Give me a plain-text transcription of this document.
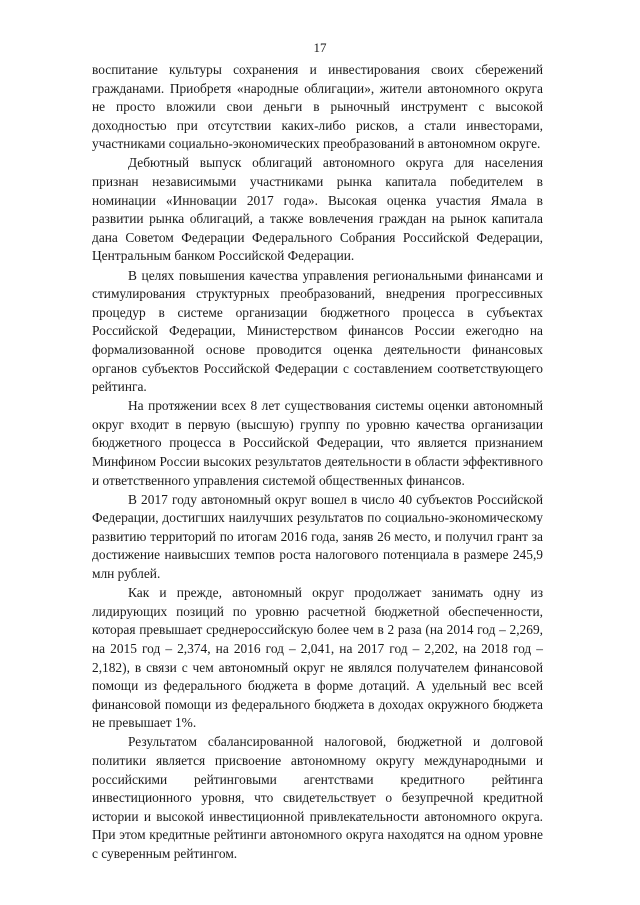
17

воспитание культуры сохранения и инвестирования своих сбережений гражданами. Приобретя «народные облигации», жители автономного округа не просто вложили свои деньги в рыночный инструмент с высокой доходностью при отсутствии каких-либо рисков, а стали инвесторами, участниками социально-экономических преобразований в автономном округе.

Дебютный выпуск облигаций автономного округа для населения признан независимыми участниками рынка капитала победителем в номинации «Инновации 2017 года». Высокая оценка участия Ямала в развитии рынка облигаций, а также вовлечения граждан на рынок капитала дана Советом Федерации Федерального Собрания Российской Федерации, Центральным банком Российской Федерации.

В целях повышения качества управления региональными финансами и стимулирования структурных преобразований, внедрения прогрессивных процедур в системе организации бюджетного процесса в субъектах Российской Федерации, Министерством финансов России ежегодно на формализованной основе проводится оценка деятельности финансовых органов субъектов Российской Федерации с составлением соответствующего рейтинга.

На протяжении всех 8 лет существования системы оценки автономный округ входит в первую (высшую) группу по уровню качества организации бюджетного процесса в Российской Федерации, что является признанием Минфином России высоких результатов деятельности в области эффективного и ответственного управления системой общественных финансов.

В 2017 году автономный округ вошел в число 40 субъектов Российской Федерации, достигших наилучших результатов по социально-экономическому развитию территорий по итогам 2016 года, заняв 26 место, и получил грант за достижение наивысших темпов роста налогового потенциала в размере 245,9 млн рублей.

Как и прежде, автономный округ продолжает занимать одну из лидирующих позиций по уровню расчетной бюджетной обеспеченности, которая превышает среднероссийскую более чем в 2 раза (на 2014 год – 2,269, на 2015 год – 2,374, на 2016 год – 2,041, на 2017 год – 2,202, на 2018 год – 2,182), в связи с чем автономный округ не являлся получателем финансовой помощи из федерального бюджета в форме дотаций. А удельный вес всей финансовой помощи из федерального бюджета в доходах окружного бюджета не превышает 1%.

Результатом сбалансированной налоговой, бюджетной и долговой политики является присвоение автономному округу международными и российскими рейтинговыми агентствами кредитного рейтинга инвестиционного уровня, что свидетельствует о безупречной кредитной истории и высокой инвестиционной привлекательности автономного округа. При этом кредитные рейтинги автономного округа находятся на одном уровне с суверенным рейтингом.
